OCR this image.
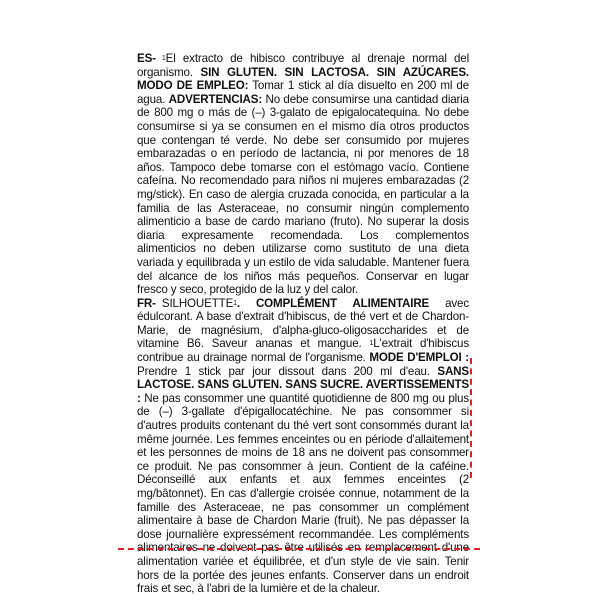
ES- $^1$El extracto de hibisco contribuye al drenaje normal del organismo. SIN GLUTEN. SIN LACTOSA. SIN AZÚCARES. MODO DE EMPLEO: Tomar 1 stick al día disuelto en 200 ml de agua. ADVERTENCIAS: No debe consumirse una cantidad diaria de 800 mg o más de (–) 3-galato de epigalocatequina. No debe consumirse si ya se consumen en el mismo día otros productos que contengan té verde. No debe ser consumido por mujeres embarazadas o en período de lactancia, ni por menores de 18 años. Tampoco debe tomarse con el estómago vacío. Contiene cafeína. No recomendado para niños ni mujeres embarazadas (2 mg/stick). En caso de alergia cruzada conocida, en particular a la familia de las Asteraceae, no consumir ningún complemento alimenticio a base de cardo mariano (fruto). No superar la dosis diaria expresamente recomendada. Los complementos alimenticios no deben utilizarse como sustituto de una dieta variada y equilibrada y un estilo de vida saludable. Mantener fuera del alcance de los niños más pequeños. Conservar en lugar fresco y seco, protegido de la luz y del calor.

FR- SILHOUETTE$^1$. COMPLÉMENT ALIMENTAIRE avec édulcorant. A base d'extrait d'hibiscus, de thé vert et de Chardon-Marie, de magnésium, d'alpha-gluco-oligosaccharides et de vitamine B6. Saveur ananas et mangue. $^1$L'extrait d'hibiscus contribue au drainage normal de l'organisme. MODE D'EMPLOI : Prendre 1 stick par jour dissout dans 200 ml d'eau. SANS LACTOSE. SANS GLUTEN. SANS SUCRE. AVERTISSEMENTS : Ne pas consommer une quantité quotidienne de 800 mg ou plus de (–) 3-gallate d'épigallocatéchine. Ne pas consommer si d'autres produits contenant du thé vert sont consommés durant la même journée. Les femmes enceintes ou en période d'allaitement et les personnes de moins de 18 ans ne doivent pas consommer ce produit. Ne pas consommer à jeun. Contient de la caféine. Déconseillé aux enfants et aux femmes enceintes (2 mg/bâtonnet). En cas d'allergie croisée connue, notamment de la famille des Asteraceae, ne pas consommer un complément alimentaire à base de Chardon Marie (fruit). Ne pas dépasser la dose journalière expressément recommandée. Les compléments alimentaires ne doivent pas être utilisés en remplacement d'une alimentation variée et équilibrée, et d'un style de vie sain. Tenir hors de la portée des jeunes enfants. Conserver dans un endroit frais et sec, à l'abri de la lumière et de la chaleur.
